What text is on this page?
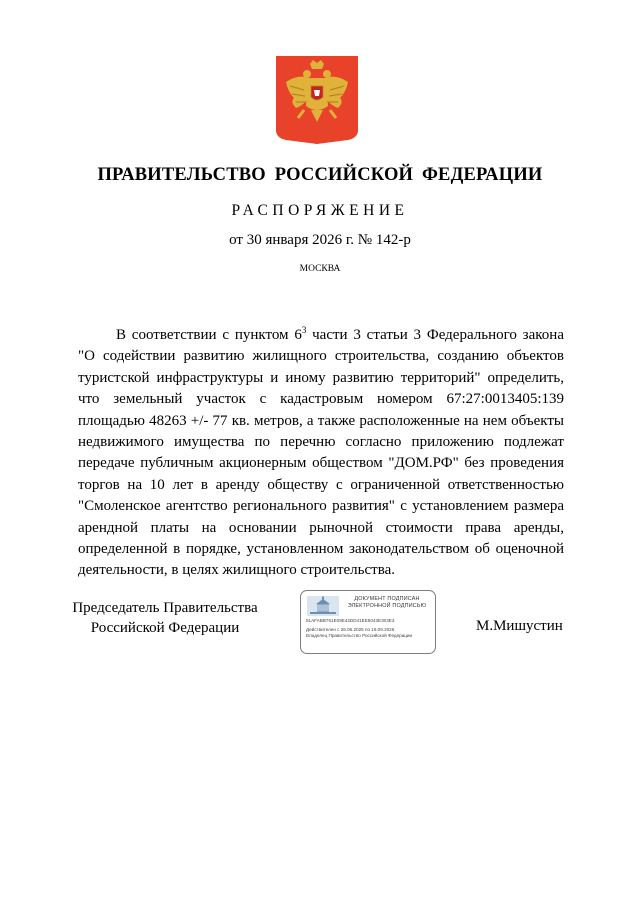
ПРАВИТЕЛЬСТВО РОССИЙСКОЙ ФЕДЕРАЦИИ
РАСПОРЯЖЕНИЕ
от 30 января 2026 г. № 142-р
МОСКВА

В соответствии с пунктом $6^3$ части 3 статьи 3 Федерального закона "О содействии развитию жилищного строительства, созданию объектов туристской инфраструктуры и иному развитию территорий" определить, что земельный участок с кадастровым номером 67:27:0013405:139 площадью 48263 +/- 77 кв. метров, а также расположенные на нем объекты недвижимого имущества по перечню согласно приложению подлежат передаче публичным акционерным обществом "ДОМ.РФ" без проведения торгов на 10 лет в аренду обществу с ограниченной ответственностью "Смоленское агентство регионального развития" с установлением размера арендной платы на основании рыночной стоимости права аренды, определенной в порядке, установленном законодательством об оценочной деятельности, в целях жилищного строительства.

Председатель Правительства
Российской Федерации
ДОКУМЕНТ ПОДПИСАН
ЭЛЕКТРОННОЙ ПОДПИСЬЮ
51AFABB761E09E42DD41EE5043E303E3
Действителен с 26.06.2025 по 19.09.2026
Владелец Правительство Российской Федерации
М.Мишустин
